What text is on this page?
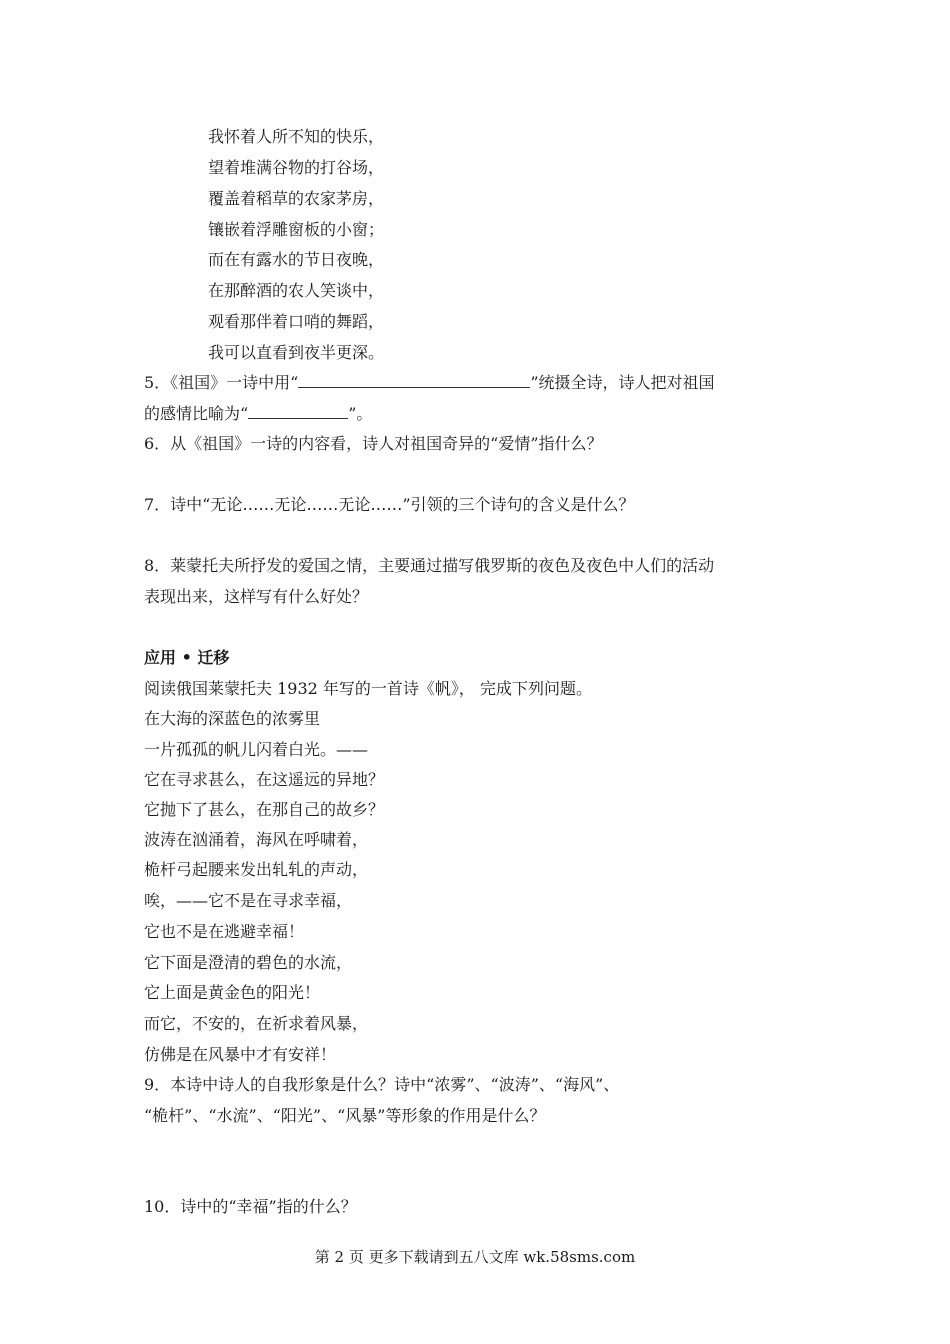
我怀着人所不知的快乐，
望着堆满谷物的打谷场，
覆盖着稻草的农家茅房，
镶嵌着浮雕窗板的小窗；
而在有露水的节日夜晚，
在那醉酒的农人笑谈中，
观看那伴着口哨的舞蹈，
我可以直看到夜半更深。
5．《祖国》一诗中用“	”统摄全诗，诗人把对祖国
的感情比喻为“	”。
6．从《祖国》一诗的内容看，诗人对祖国奇异的“爱情”指什么？
7．诗中“无论……无论……无论……”引领的三个诗句的含义是什么？
8．莱蒙托夫所抒发的爱国之情，主要通过描写俄罗斯的夜色及夜色中人们的活动
表现出来，这样写有什么好处？
应用 • 迁移
阅读俄国莱蒙托夫 1932 年写的一首诗《帆》， 完成下列问题。
在大海的深蓝色的浓雾里
一片孤孤的帆儿闪着白光。——
它在寻求甚么，在这遥远的异地？
它抛下了甚么，在那自己的故乡？
波涛在汹涌着，海风在呼啸着，
桅杆弓起腰来发出轧轧的声动，
唉，——它不是在寻求幸福，
它也不是在逃避幸福！
它下面是澄清的碧色的水流，
它上面是黄金色的阳光！
而它，不安的，在祈求着风暴，
仿佛是在风暴中才有安祥！
9．本诗中诗人的自我形象是什么？诗中“浓雾”、“波涛”、“海风”、
“桅杆”、“水流”、“阳光”、“风暴”等形象的作用是什么？
10．诗中的“幸福”指的什么？
第 2 页 更多下载请到五八文库 wk.58sms.com
